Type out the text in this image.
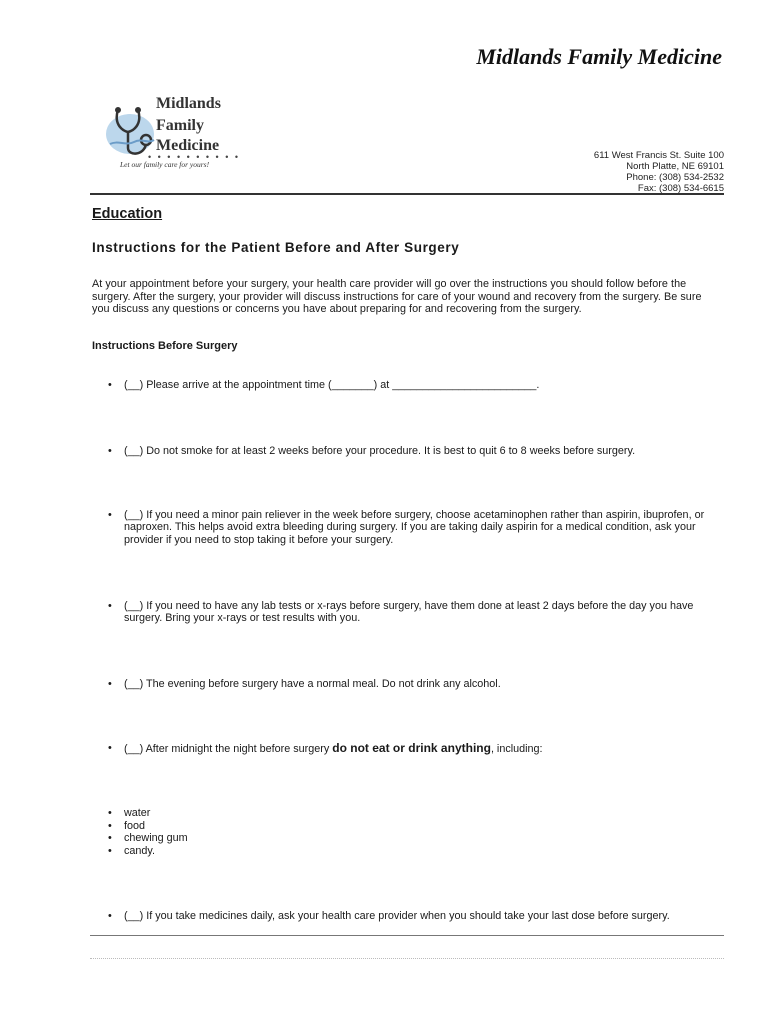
Midlands Family Medicine
Midlands
Family
Medicine
• • • • • • • • • •
Let our family care for yours!
611 West Francis St. Suite 100
North Platte, NE 69101
Phone: (308) 534-2532
Fax: (308) 534-6615
Education
Instructions for the Patient Before and After Surgery
At your appointment before your surgery, your health care provider will go over the instructions you should follow before the surgery. After the surgery, your provider will discuss instructions for care of your wound and recovery from the surgery. Be sure you discuss any questions or concerns you have about preparing for and recovering from the surgery.
Instructions Before Surgery
•	(__) Please arrive at the appointment time (_______) at ________________________.
•	(__) Do not smoke for at least 2 weeks before your procedure. It is best to quit 6 to 8 weeks before surgery.
•	(__) If you need a minor pain reliever in the week before surgery, choose acetaminophen rather than aspirin, ibuprofen, or naproxen. This helps avoid extra bleeding during surgery. If you are taking daily aspirin for a medical condition, ask your provider if you need to stop taking it before your surgery.
•	(__) If you need to have any lab tests or x-rays before surgery, have them done at least 2 days before the day you have surgery. Bring your x-rays or test results with you.
•	(__) The evening before surgery have a normal meal. Do not drink any alcohol.
•	(__) After midnight the night before surgery do not eat or drink anything, including:
• water
• food
• chewing gum
• candy.
•	(__) If you take medicines daily, ask your health care provider when you should take your last dose before surgery.
